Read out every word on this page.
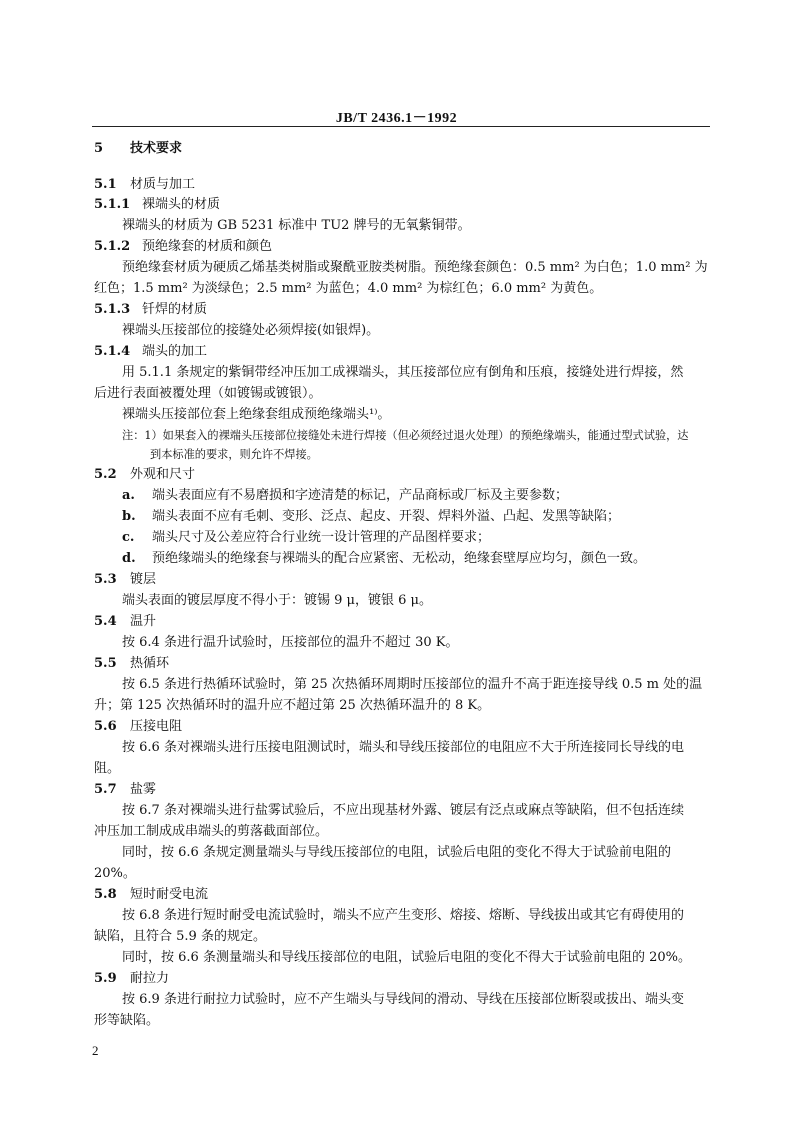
JB/T 2436.1－1992
5 技术要求
5.1 材质与加工
5.1.1 裸端头的材质
裸端头的材质为 GB 5231 标准中 TU2 牌号的无氧紫铜带。
5.1.2 预绝缘套的材质和颜色
预绝缘套材质为硬质乙烯基类树脂或聚酰亚胺类树脂。预绝缘套颜色：0.5 mm² 为白色；1.0 mm² 为
红色；1.5 mm² 为淡绿色；2.5 mm² 为蓝色；4.0 mm² 为棕红色；6.0 mm² 为黄色。
5.1.3 钎焊的材质
裸端头压接部位的接缝处必须焊接(如银焊)。
5.1.4 端头的加工
用 5.1.1 条规定的紫铜带经冲压加工成裸端头，其压接部位应有倒角和压痕，接缝处进行焊接，然
后进行表面被覆处理（如镀锡或镀银）。
裸端头压接部位套上绝缘套组成预绝缘端头¹⁾。
注：1）如果套入的裸端头压接部位接缝处未进行焊接（但必须经过退火处理）的预绝缘端头，能通过型式试验，达
到本标准的要求，则允许不焊接。
5.2 外观和尺寸
a. 端头表面应有不易磨损和字迹清楚的标记，产品商标或厂标及主要参数；
b. 端头表面不应有毛刺、变形、泛点、起皮、开裂、焊料外溢、凸起、发黑等缺陷；
c. 端头尺寸及公差应符合行业统一设计管理的产品图样要求；
d. 预绝缘端头的绝缘套与裸端头的配合应紧密、无松动，绝缘套壁厚应均匀，颜色一致。
5.3 镀层
端头表面的镀层厚度不得小于：镀锡 9 μ，镀银 6 μ。
5.4 温升
按 6.4 条进行温升试验时，压接部位的温升不超过 30 K。
5.5 热循环
按 6.5 条进行热循环试验时，第 25 次热循环周期时压接部位的温升不高于距连接导线 0.5 m 处的温
升；第 125 次热循环时的温升应不超过第 25 次热循环温升的 8 K。
5.6 压接电阻
按 6.6 条对裸端头进行压接电阻测试时，端头和导线压接部位的电阻应不大于所连接同长导线的电
阻。
5.7 盐雾
按 6.7 条对裸端头进行盐雾试验后，不应出现基材外露、镀层有泛点或麻点等缺陷，但不包括连续
冲压加工制成成串端头的剪落截面部位。
同时，按 6.6 条规定测量端头与导线压接部位的电阻，试验后电阻的变化不得大于试验前电阻的
20%。
5.8 短时耐受电流
按 6.8 条进行短时耐受电流试验时，端头不应产生变形、熔接、熔断、导线拔出或其它有碍使用的
缺陷，且符合 5.9 条的规定。
同时，按 6.6 条测量端头和导线压接部位的电阻，试验后电阻的变化不得大于试验前电阻的 20%。
5.9 耐拉力
按 6.9 条进行耐拉力试验时，应不产生端头与导线间的滑动、导线在压接部位断裂或拔出、端头变
形等缺陷。
2
